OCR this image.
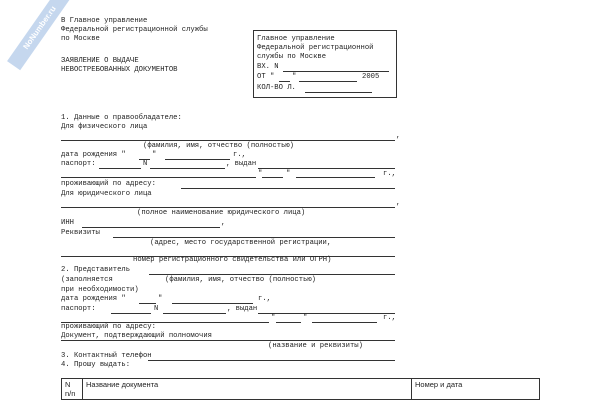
NoNumber.ru В Главное управление
Федеральной регистрационной службы
по Москве
ЗАЯВЛЕНИЕ О ВЫДАЧЕ
НЕВОСТРЕБОВАННЫХ ДОКУМЕНТОВ
Главное управление
Федеральной регистрационной
службы по Москве
ВХ. N
ОТ " "	2005
КОЛ-ВО Л.
1. Данные о правообладателе:
Для физического лица
,
(фамилия, имя, отчество (полностью)
дата рождения "	"	г.,
паспорт:	N	, выдан
"	"	г.,
проживающий по адресу:
Для юридического лица
,
(полное наименование юридического лица)
ИНН	,
Реквизиты
(адрес, место государственной регистрации,
номер регистрационного свидетельства или ОГРН)
2. Представитель
(заполняется	(фамилия, имя, отчество (полностью)
при необходимости)
дата рождения "	"	г.,
паспорт:	N	, выдан
"	"	г.,
проживающий по адресу:
Документ, подтверждающий полномочия
(название и реквизиты)
3. Контактный телефон
4. Прошу выдать:
N
n/n	Название документа	Номер и дата
